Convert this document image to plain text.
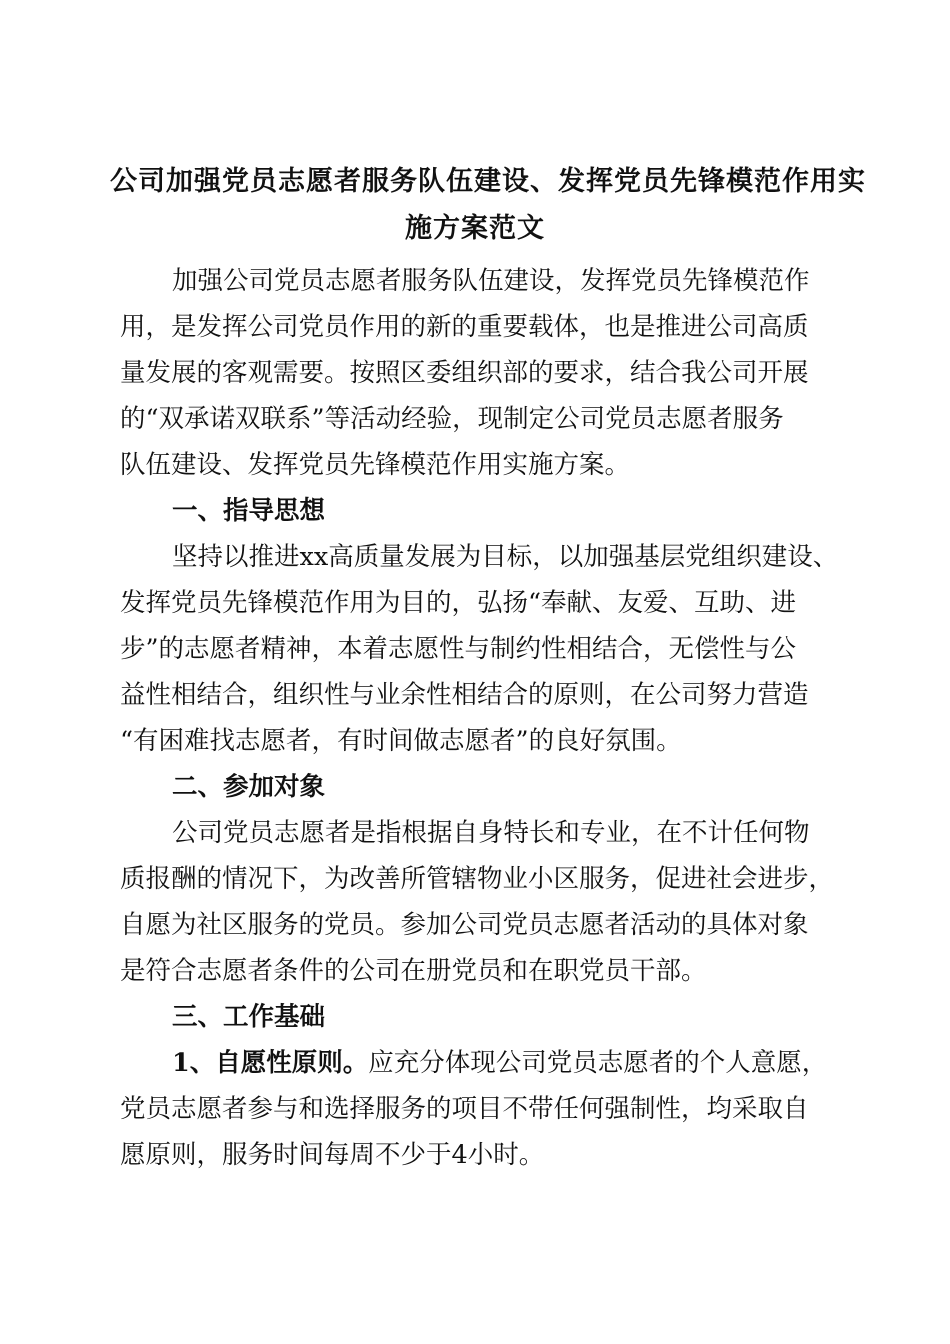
公司加强党员志愿者服务队伍建设、发挥党员先锋模范作用实
施方案范文
加强公司党员志愿者服务队伍建设，发挥党员先锋模范作
用，是发挥公司党员作用的新的重要载体，也是推进公司高质
量发展的客观需要。按照区委组织部的要求，结合我公司开展
的“双承诺双联系”等活动经验，现制定公司党员志愿者服务
队伍建设、发挥党员先锋模范作用实施方案。
一、指导思想
坚持以推进xx高质量发展为目标，以加强基层党组织建设、
发挥党员先锋模范作用为目的，弘扬“奉献、友爱、互助、进
步”的志愿者精神，本着志愿性与制约性相结合，无偿性与公
益性相结合，组织性与业余性相结合的原则，在公司努力营造
“有困难找志愿者，有时间做志愿者”的良好氛围。
二、参加对象
公司党员志愿者是指根据自身特长和专业，在不计任何物
质报酬的情况下，为改善所管辖物业小区服务，促进社会进步，
自愿为社区服务的党员。参加公司党员志愿者活动的具体对象
是符合志愿者条件的公司在册党员和在职党员干部。
三、工作基础
1、自愿性原则。应充分体现公司党员志愿者的个人意愿，
党员志愿者参与和选择服务的项目不带任何强制性，均采取自
愿原则，服务时间每周不少于4小时。
